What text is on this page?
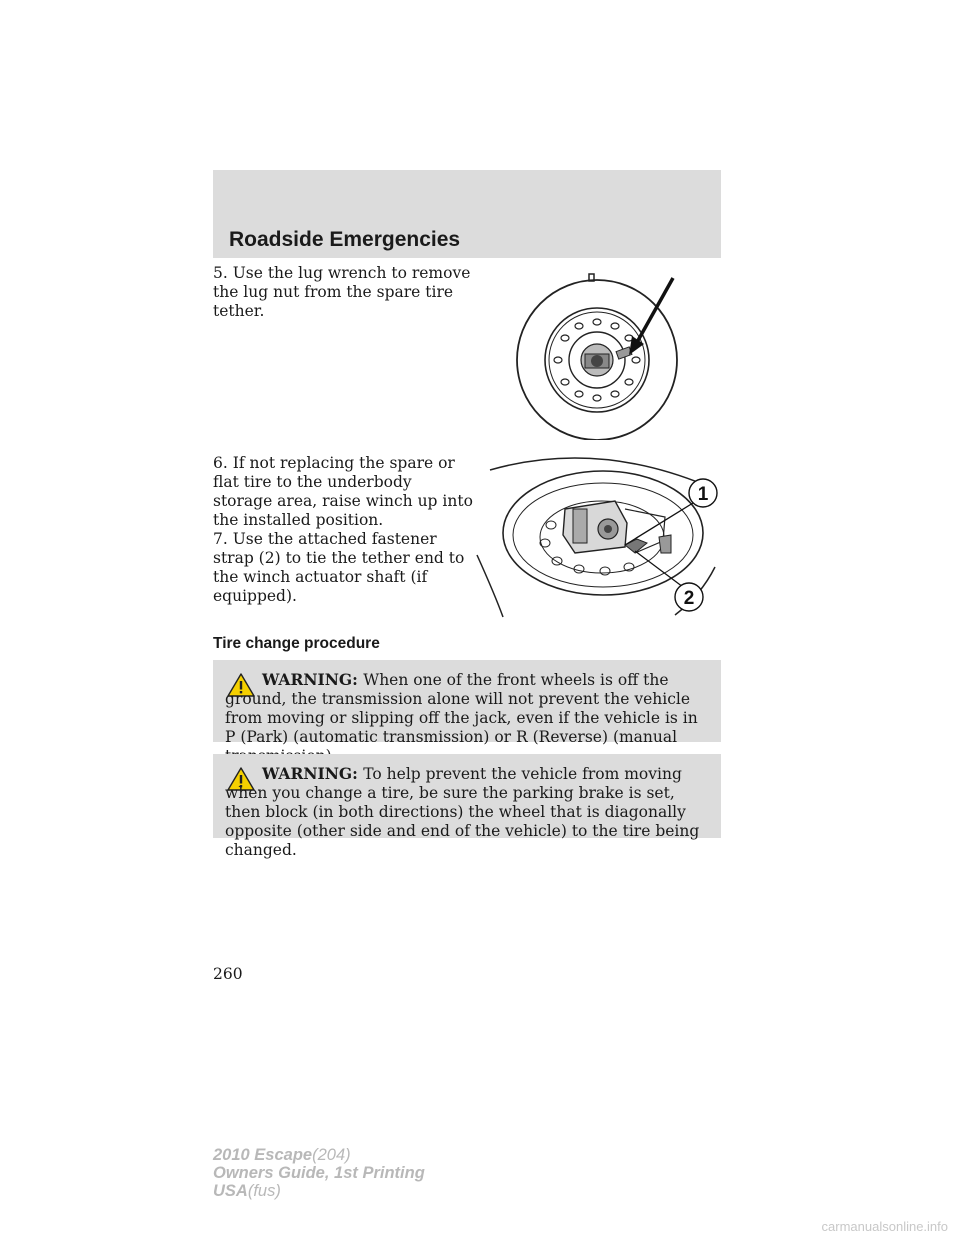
Roadside Emergencies

5. Use the lug wrench to remove the lug nut from the spare tire tether.

6. If not replacing the spare or flat tire to the underbody storage area, raise winch up into the installed position.

7. Use the attached fastener strap (2) to tie the tether end to the winch actuator shaft (if equipped).

1
2
Tire change procedure

WARNING: When one of the front wheels is off the ground, the transmission alone will not prevent the vehicle from moving or slipping off the jack, even if the vehicle is in P (Park) (automatic transmission) or R (Reverse) (manual

WARNING: To help prevent the vehicle from moving when you change a tire, be sure the parking brake is set, then block (in both directions) the wheel that is diagonally opposite (other side and end of the vehicle) to the tire being changed.

260

2010 Escape(204)
Owners Guide, 1st Printing
USA(fus)

carmanualsonline.info
